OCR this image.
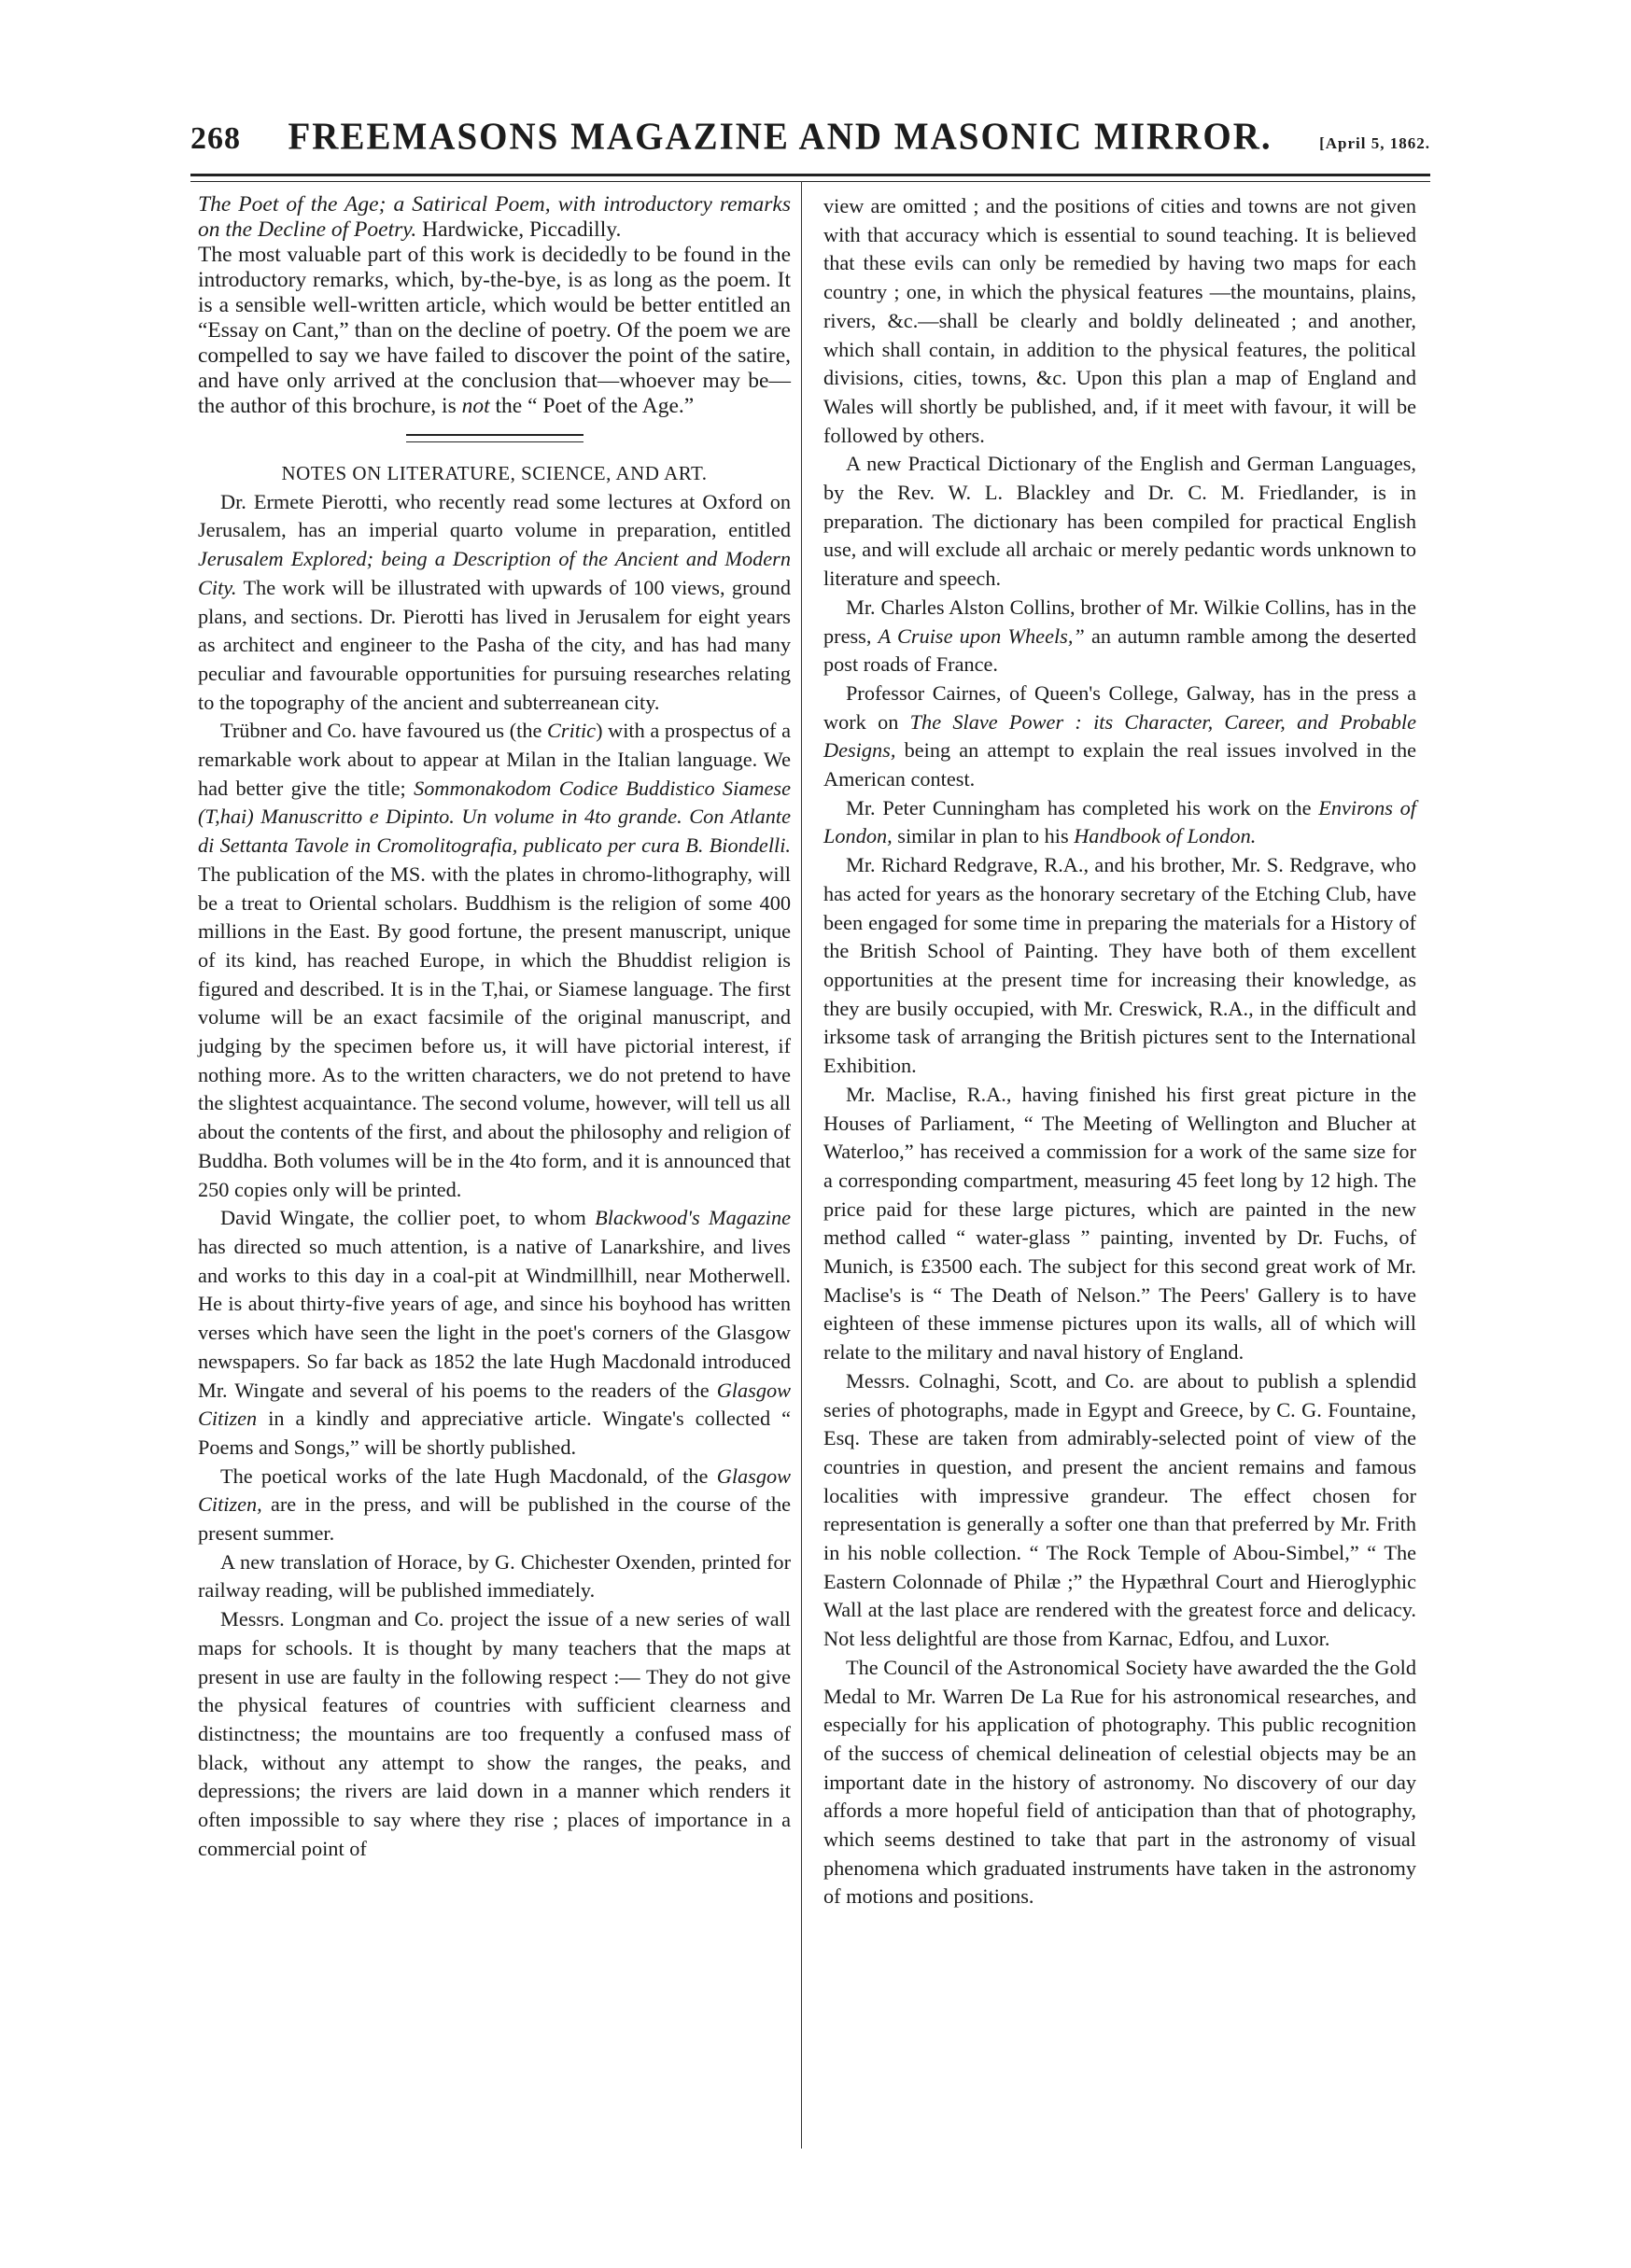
268 FREEMASONS MAGAZINE AND MASONIC MIRROR.	[April 5, 1862.

The Poet of the Age; a Satirical Poem, with introductory remarks on the Decline of Poetry. Hardwicke, Piccadilly.

The most valuable part of this work is decidedly to be found in the introductory remarks, which, by-the-bye, is as long as the poem. It is a sensible well-written article, which would be better entitled an “Essay on Cant,” than on the decline of poetry. Of the poem we are compelled to say we have failed to discover the point of the satire, and have only arrived at the conclusion that—whoever may be—the author of this brochure, is not the “ Poet of the Age.”

NOTES ON LITERATURE, SCIENCE, AND ART.

Dr. Ermete Pierotti, who recently read some lectures at Oxford on Jerusalem, has an imperial quarto volume in preparation, entitled Jerusalem Explored; being a Description of the Ancient and Modern City. The work will be illustrated with upwards of 100 views, ground plans, and sections. Dr. Pierotti has lived in Jerusalem for eight years as architect and engineer to the Pasha of the city, and has had many peculiar and favourable opportunities for pursuing researches relating to the topography of the ancient and subterreanean city.

Trübner and Co. have favoured us (the Critic) with a prospectus of a remarkable work about to appear at Milan in the Italian language. We had better give the title; Sommonakodom Codice Buddistico Siamese (T,hai) Manuscritto e Dipinto. Un volume in 4to grande. Con Atlante di Settanta Tavole in Cromolitografia, publicato per cura B. Biondelli. The publication of the MS. with the plates in chromo-lithography, will be a treat to Oriental scholars. Buddhism is the religion of some 400 millions in the East. By good fortune, the present manuscript, unique of its kind, has reached Europe, in which the Bhuddist religion is figured and described. It is in the T,hai, or Siamese language. The first volume will be an exact facsimile of the original manuscript, and judging by the specimen before us, it will have pictorial interest, if nothing more. As to the written characters, we do not pretend to have the slightest acquaintance. The second volume, however, will tell us all about the contents of the first, and about the philosophy and religion of Buddha. Both volumes will be in the 4to form, and it is announced that 250 copies only will be printed.

David Wingate, the collier poet, to whom Blackwood's Magazine has directed so much attention, is a native of Lanarkshire, and lives and works to this day in a coal-pit at Windmillhill, near Motherwell. He is about thirty-five years of age, and since his boyhood has written verses which have seen the light in the poet's corners of the Glasgow newspapers. So far back as 1852 the late Hugh Macdonald introduced Mr. Wingate and several of his poems to the readers of the Glasgow Citizen in a kindly and appreciative article. Wingate's collected “ Poems and Songs,” will be shortly published.

The poetical works of the late Hugh Macdonald, of the Glasgow Citizen, are in the press, and will be published in the course of the present summer.

A new translation of Horace, by G. Chichester Oxenden, printed for railway reading, will be published immediately.

Messrs. Longman and Co. project the issue of a new series of wall maps for schools. It is thought by many teachers that the maps at present in use are faulty in the following respect :— They do not give the physical features of countries with sufficient clearness and distinctness; the mountains are too frequently a confused mass of black, without any attempt to show the ranges, the peaks, and depressions; the rivers are laid down in a manner which renders it often impossible to say where they rise ; places of importance in a commercial point of

view are omitted ; and the positions of cities and towns are not given with that accuracy which is essential to sound teaching. It is believed that these evils can only be remedied by having two maps for each country ; one, in which the physical features —the mountains, plains, rivers, &c.—shall be clearly and boldly delineated ; and another, which shall contain, in addition to the physical features, the political divisions, cities, towns, &c. Upon this plan a map of England and Wales will shortly be published, and, if it meet with favour, it will be followed by others.

A new Practical Dictionary of the English and German Languages, by the Rev. W. L. Blackley and Dr. C. M. Friedlander, is in preparation. The dictionary has been compiled for practical English use, and will exclude all archaic or merely pedantic words unknown to literature and speech.

Mr. Charles Alston Collins, brother of Mr. Wilkie Collins, has in the press, A Cruise upon Wheels,” an autumn ramble among the deserted post roads of France.

Professor Cairnes, of Queen's College, Galway, has in the press a work on The Slave Power : its Character, Career, and Probable Designs, being an attempt to explain the real issues involved in the American contest.

Mr. Peter Cunningham has completed his work on the Environs of London, similar in plan to his Handbook of London.

Mr. Richard Redgrave, R.A., and his brother, Mr. S. Redgrave, who has acted for years as the honorary secretary of the Etching Club, have been engaged for some time in preparing the materials for a History of the British School of Painting. They have both of them excellent opportunities at the present time for increasing their knowledge, as they are busily occupied, with Mr. Creswick, R.A., in the difficult and irksome task of arranging the British pictures sent to the International Exhibition.

Mr. Maclise, R.A., having finished his first great picture in the Houses of Parliament, “ The Meeting of Wellington and Blucher at Waterloo,” has received a commission for a work of the same size for a corresponding compartment, measuring 45 feet long by 12 high. The price paid for these large pictures, which are painted in the new method called “ water-glass ” painting, invented by Dr. Fuchs, of Munich, is £3500 each. The subject for this second great work of Mr. Maclise's is “ The Death of Nelson.” The Peers' Gallery is to have eighteen of these immense pictures upon its walls, all of which will relate to the military and naval history of England.

Messrs. Colnaghi, Scott, and Co. are about to publish a splendid series of photographs, made in Egypt and Greece, by C. G. Fountaine, Esq. These are taken from admirably-selected point of view of the countries in question, and present the ancient remains and famous localities with impressive grandeur. The effect chosen for representation is generally a softer one than that preferred by Mr. Frith in his noble collection. “ The Rock Temple of Abou-Simbel,” “ The Eastern Colonnade of Philæ ;” the Hypæthral Court and Hieroglyphic Wall at the last place are rendered with the greatest force and delicacy. Not less delightful are those from Karnac, Edfou, and Luxor.

The Council of the Astronomical Society have awarded the the Gold Medal to Mr. Warren De La Rue for his astronomical researches, and especially for his application of photography. This public recognition of the success of chemical delineation of celestial objects may be an important date in the history of astronomy. No discovery of our day affords a more hopeful field of anticipation than that of photography, which seems destined to take that part in the astronomy of visual phenomena which graduated instruments have taken in the astronomy of motions and positions.
